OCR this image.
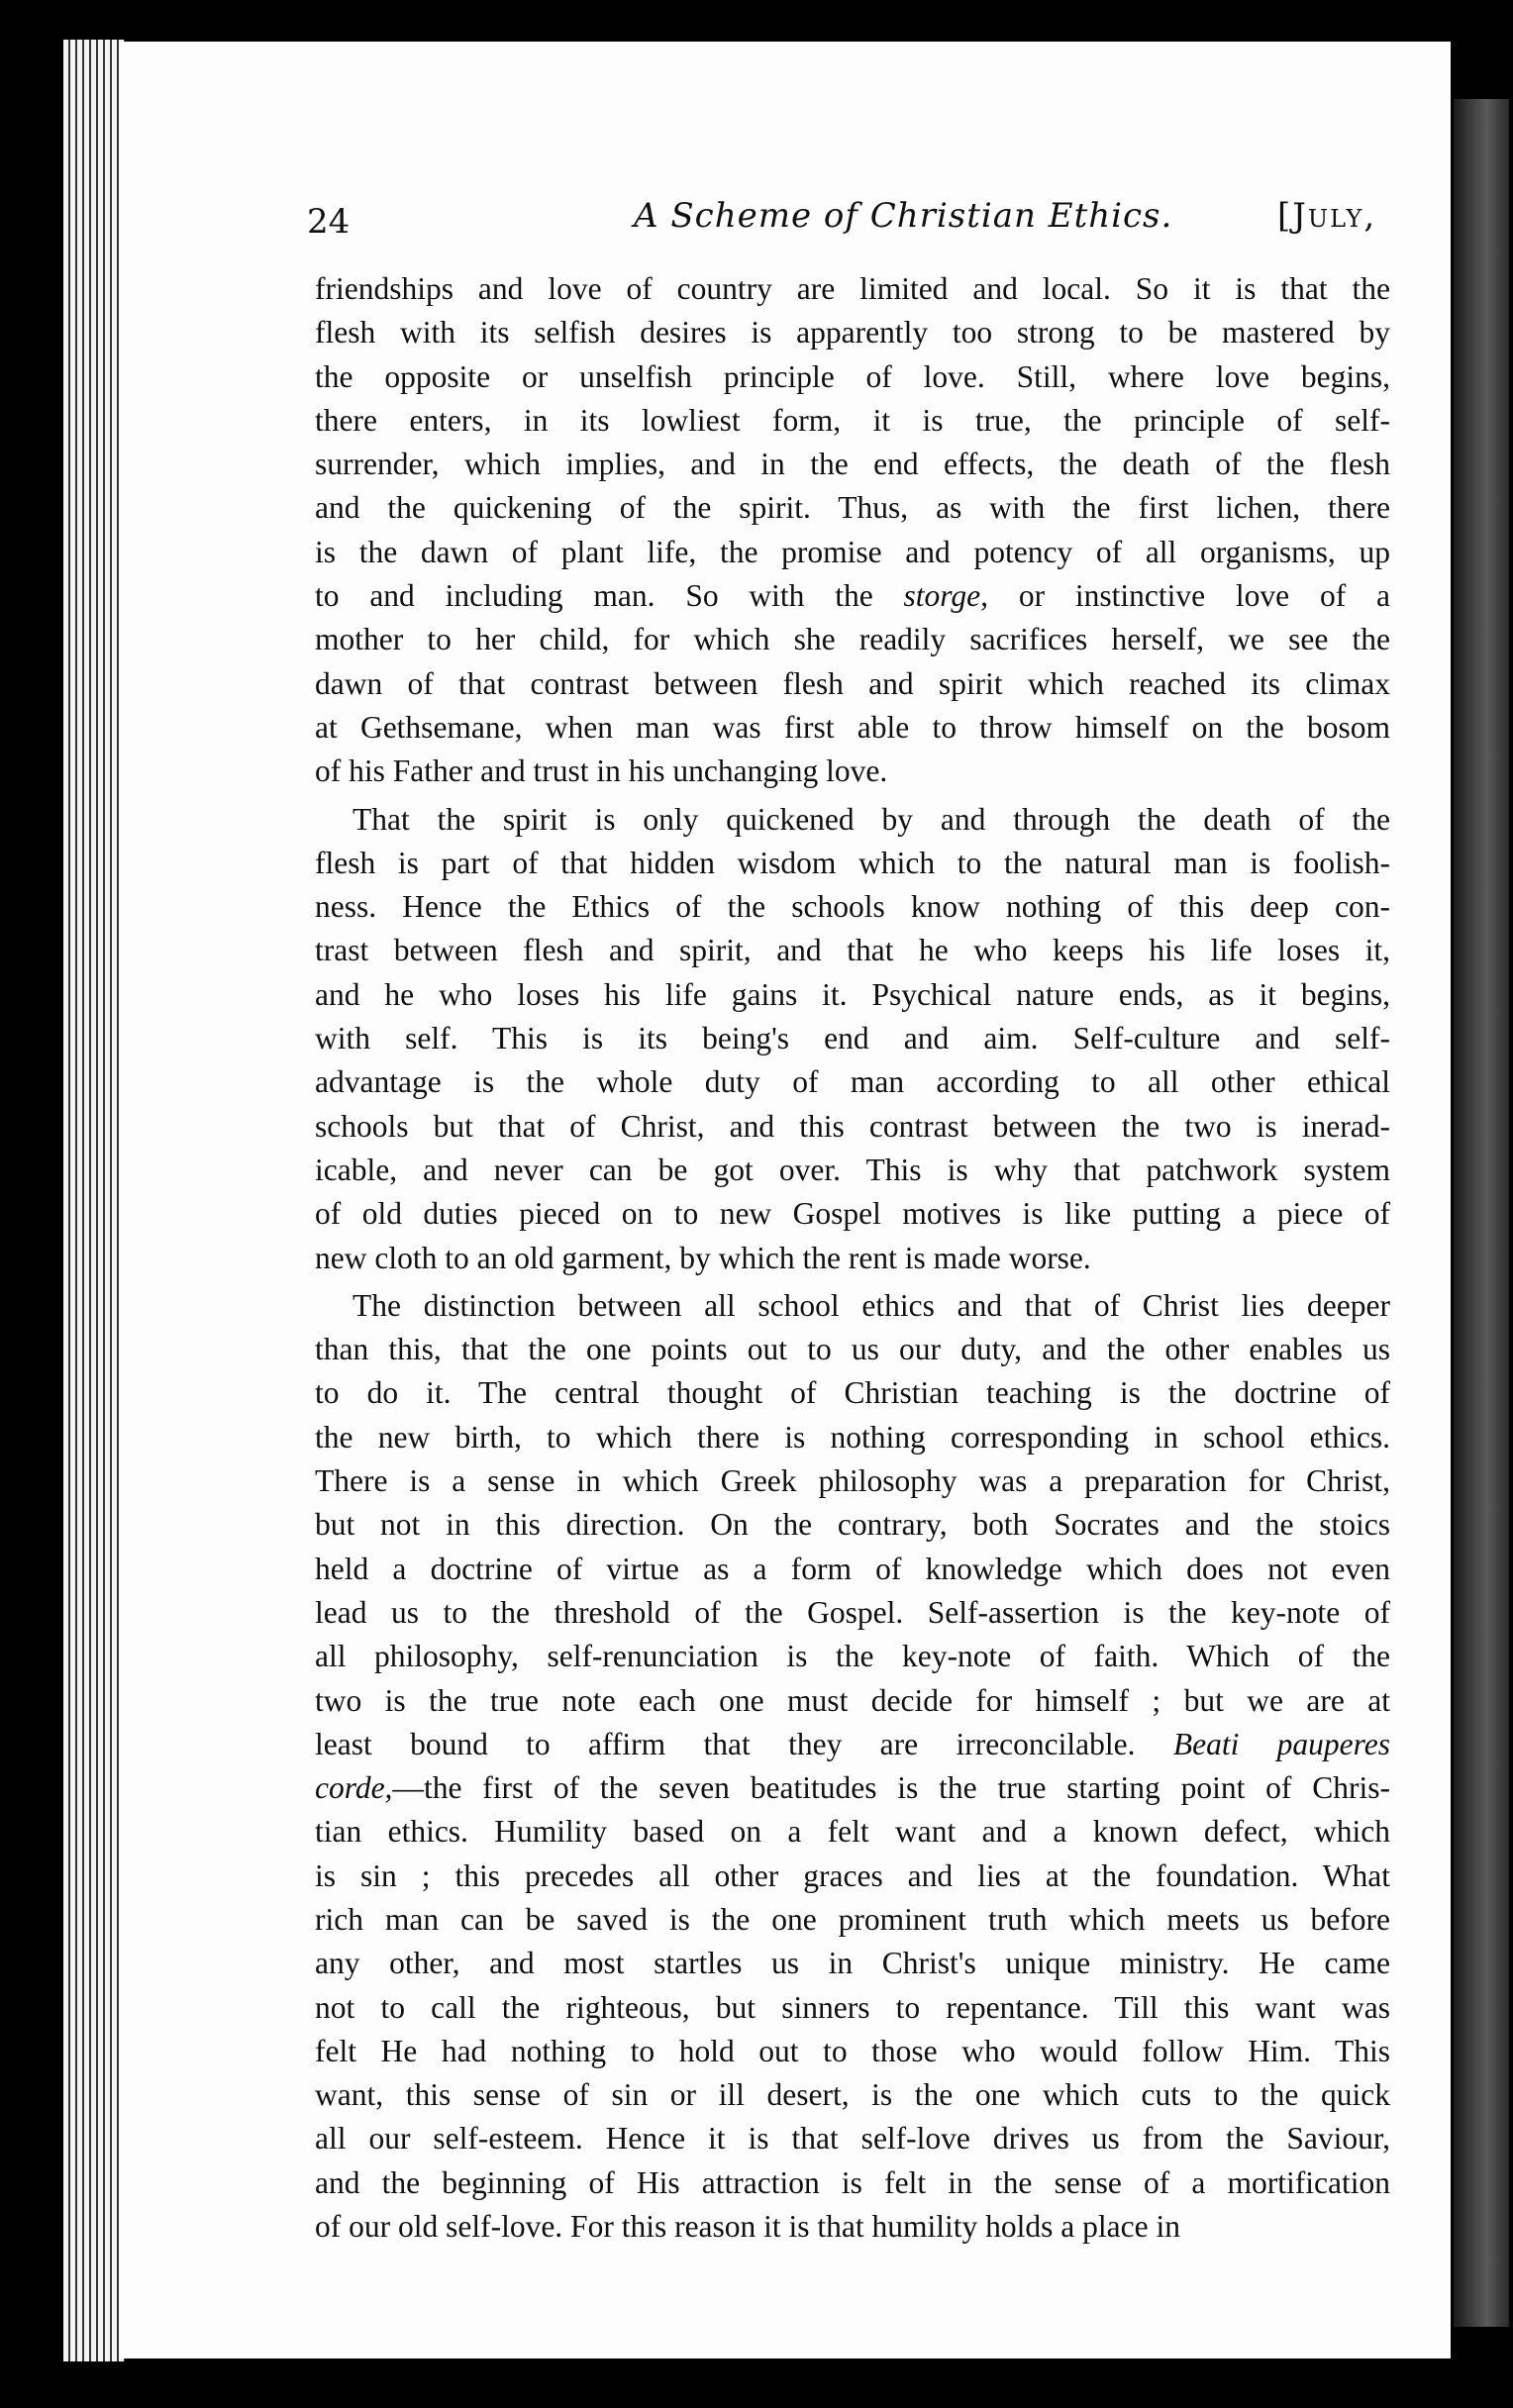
24	A Scheme of Christian Ethics.	[July,
friendships and love of country are limited and local. So it is that the
flesh with its selfish desires is apparently too strong to be mastered by
the opposite or unselfish principle of love. Still, where love begins,
there enters, in its lowliest form, it is true, the principle of self-
surrender, which implies, and in the end effects, the death of the flesh
and the quickening of the spirit. Thus, as with the first lichen, there
is the dawn of plant life, the promise and potency of all organisms, up
to and including man. So with the storge, or instinctive love of a
mother to her child, for which she readily sacrifices herself, we see the
dawn of that contrast between flesh and spirit which reached its climax
at Gethsemane, when man was first able to throw himself on the bosom
of his Father and trust in his unchanging love.
That the spirit is only quickened by and through the death of the
flesh is part of that hidden wisdom which to the natural man is foolish-
ness. Hence the Ethics of the schools know nothing of this deep con-
trast between flesh and spirit, and that he who keeps his life loses it,
and he who loses his life gains it. Psychical nature ends, as it begins,
with self. This is its being's end and aim. Self-culture and self-
advantage is the whole duty of man according to all other ethical
schools but that of Christ, and this contrast between the two is inerad-
icable, and never can be got over. This is why that patchwork system
of old duties pieced on to new Gospel motives is like putting a piece of
new cloth to an old garment, by which the rent is made worse.
The distinction between all school ethics and that of Christ lies deeper
than this, that the one points out to us our duty, and the other enables us
to do it. The central thought of Christian teaching is the doctrine of
the new birth, to which there is nothing corresponding in school ethics.
There is a sense in which Greek philosophy was a preparation for Christ,
but not in this direction. On the contrary, both Socrates and the stoics
held a doctrine of virtue as a form of knowledge which does not even
lead us to the threshold of the Gospel. Self-assertion is the key-note of
all philosophy, self-renunciation is the key-note of faith. Which of the
two is the true note each one must decide for himself ; but we are at
least bound to affirm that they are irreconcilable. Beati pauperes
corde,—the first of the seven beatitudes is the true starting point of Chris-
tian ethics. Humility based on a felt want and a known defect, which
is sin ; this precedes all other graces and lies at the foundation. What
rich man can be saved is the one prominent truth which meets us before
any other, and most startles us in Christ's unique ministry. He came
not to call the righteous, but sinners to repentance. Till this want was
felt He had nothing to hold out to those who would follow Him. This
want, this sense of sin or ill desert, is the one which cuts to the quick
all our self-esteem. Hence it is that self-love drives us from the Saviour,
and the beginning of His attraction is felt in the sense of a mortification
of our old self-love. For this reason it is that humility holds a place in
